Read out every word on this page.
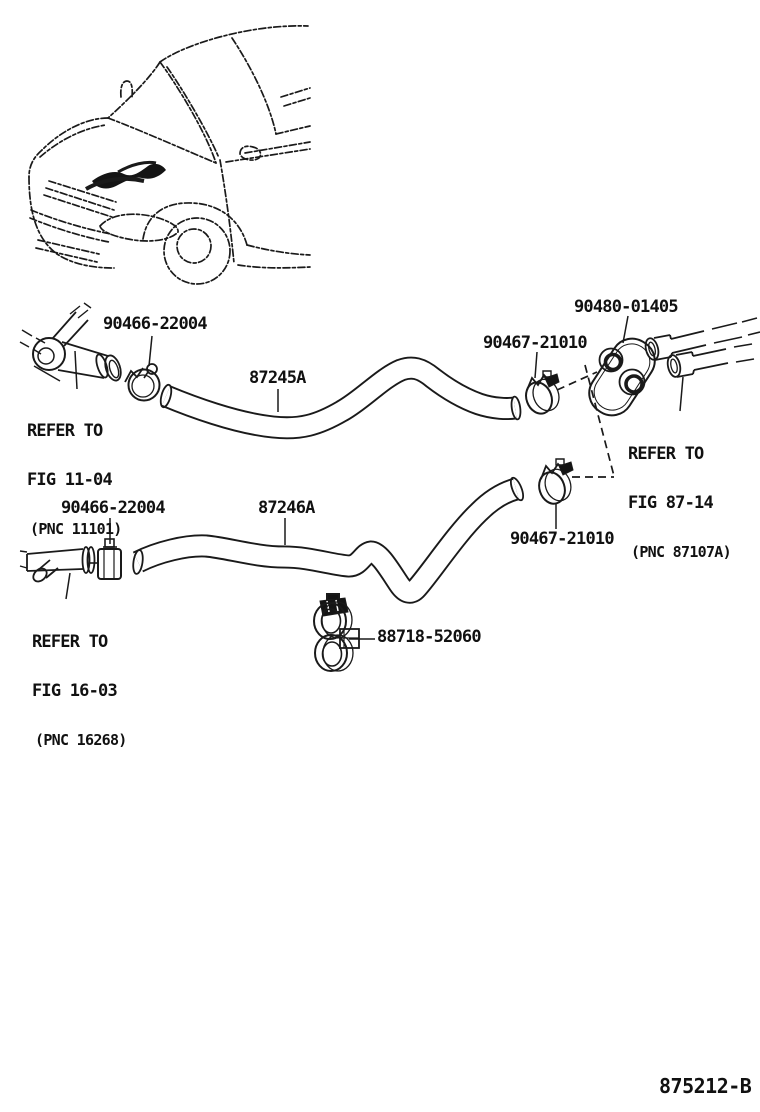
90466-22004
87245A
90467-21010
90480-01405

REFER TO

FIG 87-14

(PNC 87107A)

REFER TO

FIG 11-04

(PNC 11101)

90466-22004	87246A
90467-21010

REFER TO

FIG 16-03

(PNC 16268)

88718-52060
875212-B
